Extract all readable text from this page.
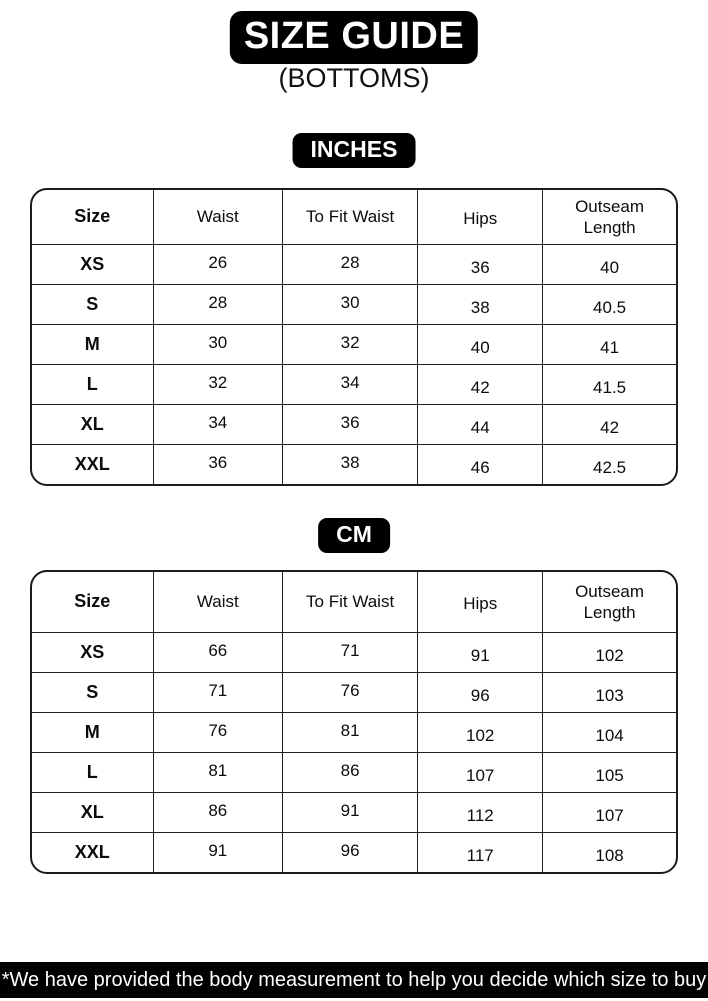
SIZE GUIDE
(BOTTOMS)
INCHES
Size	Waist	To Fit Waist	Hips	Outseam Length
XS	26	28	36	40
S	28	30	38	40.5
M	30	32	40	41
L	32	34	42	41.5
XL	34	36	44	42
XXL	36	38	46	42.5
CM
Size	Waist	To Fit Waist	Hips	Outseam Length
XS	66	71	91	102
S	71	76	96	103
M	76	81	102	104
L	81	86	107	105
XL	86	91	112	107
XXL	91	96	117	108
*We have provided the body measurement to help you decide which size to buy
